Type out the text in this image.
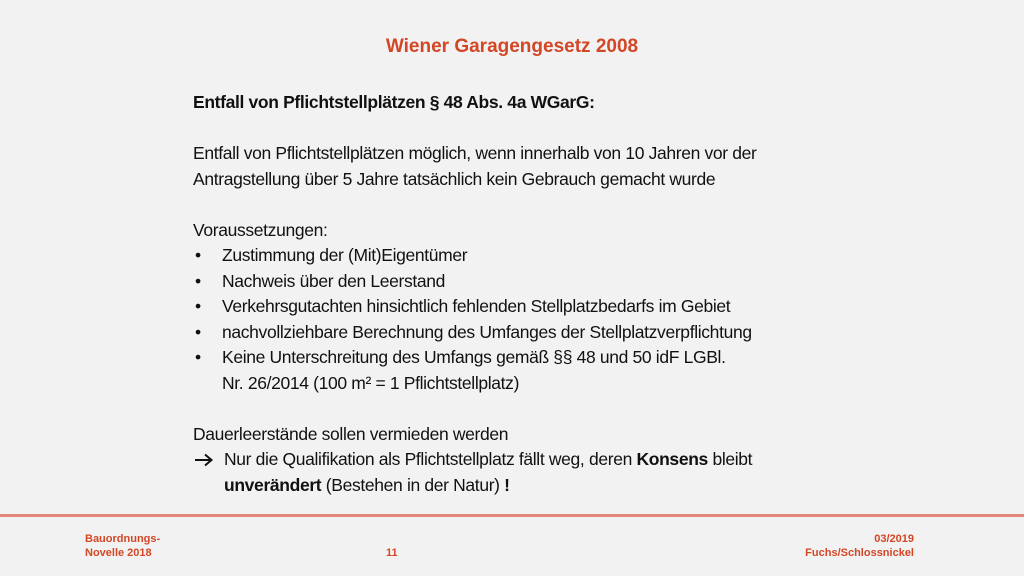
Wiener Garagengesetz 2008

Entfall von Pflichtstellplätzen § 48 Abs. 4a WGarG:

Entfall von Pflichtstellplätzen möglich, wenn innerhalb von 10 Jahren vor der

Antragstellung über 5 Jahre tatsächlich kein Gebrauch gemacht wurde

Voraussetzungen:

• Zustimmung der (Mit)Eigentümer
• Nachweis über den Leerstand
• Verkehrsgutachten hinsichtlich fehlenden Stellplatzbedarfs im Gebiet
• nachvollziehbare Berechnung des Umfanges der Stellplatzverpflichtung
• Keine Unterschreitung des Umfangs gemäß §§ 48 und 50 idF LGBl.
Nr. 26/2014 (100 m² = 1 Pflichtstellplatz)

Dauerleerstände sollen vermieden werden

Nur die Qualifikation als Pflichtstellplatz fällt weg, deren Konsens bleibt
unverändert (Bestehen in der Natur) !
Bauordnungs-
Novelle 2018	11
03/2019
Fuchs/Schlossnickel
